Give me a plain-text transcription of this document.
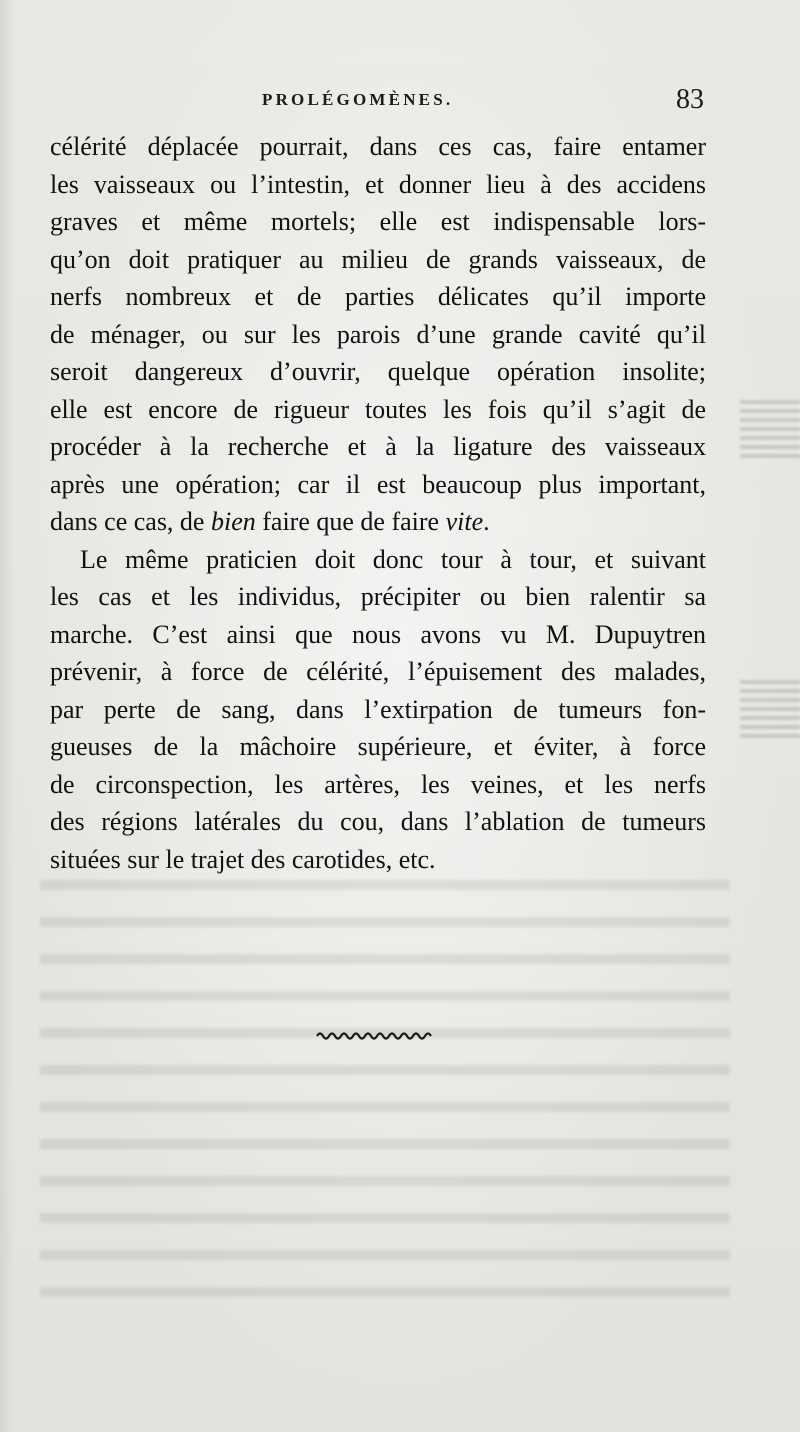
PROLÉGOMÈNES.	83

célérité déplacée pourrait, dans ces cas, faire entamer
les vaisseaux ou l’intestin, et donner lieu à des accidens
graves et même mortels; elle est indispensable lors-
qu’on doit pratiquer au milieu de grands vaisseaux, de
nerfs nombreux et de parties délicates qu’il importe
de ménager, ou sur les parois d’une grande cavité qu’il
seroit dangereux d’ouvrir, quelque opération insolite;
elle est encore de rigueur toutes les fois qu’il s’agit de
procéder à la recherche et à la ligature des vaisseaux
après une opération; car il est beaucoup plus important,
dans ce cas, de bien faire que de faire vite.

Le même praticien doit donc tour à tour, et suivant
les cas et les individus, précipiter ou bien ralentir sa
marche. C’est ainsi que nous avons vu M. Dupuytren
prévenir, à force de célérité, l’épuisement des malades,
par perte de sang, dans l’extirpation de tumeurs fon-
gueuses de la mâchoire supérieure, et éviter, à force
de circonspection, les artères, les veines, et les nerfs
des régions latérales du cou, dans l’ablation de tumeurs
situées sur le trajet des carotides, etc.
